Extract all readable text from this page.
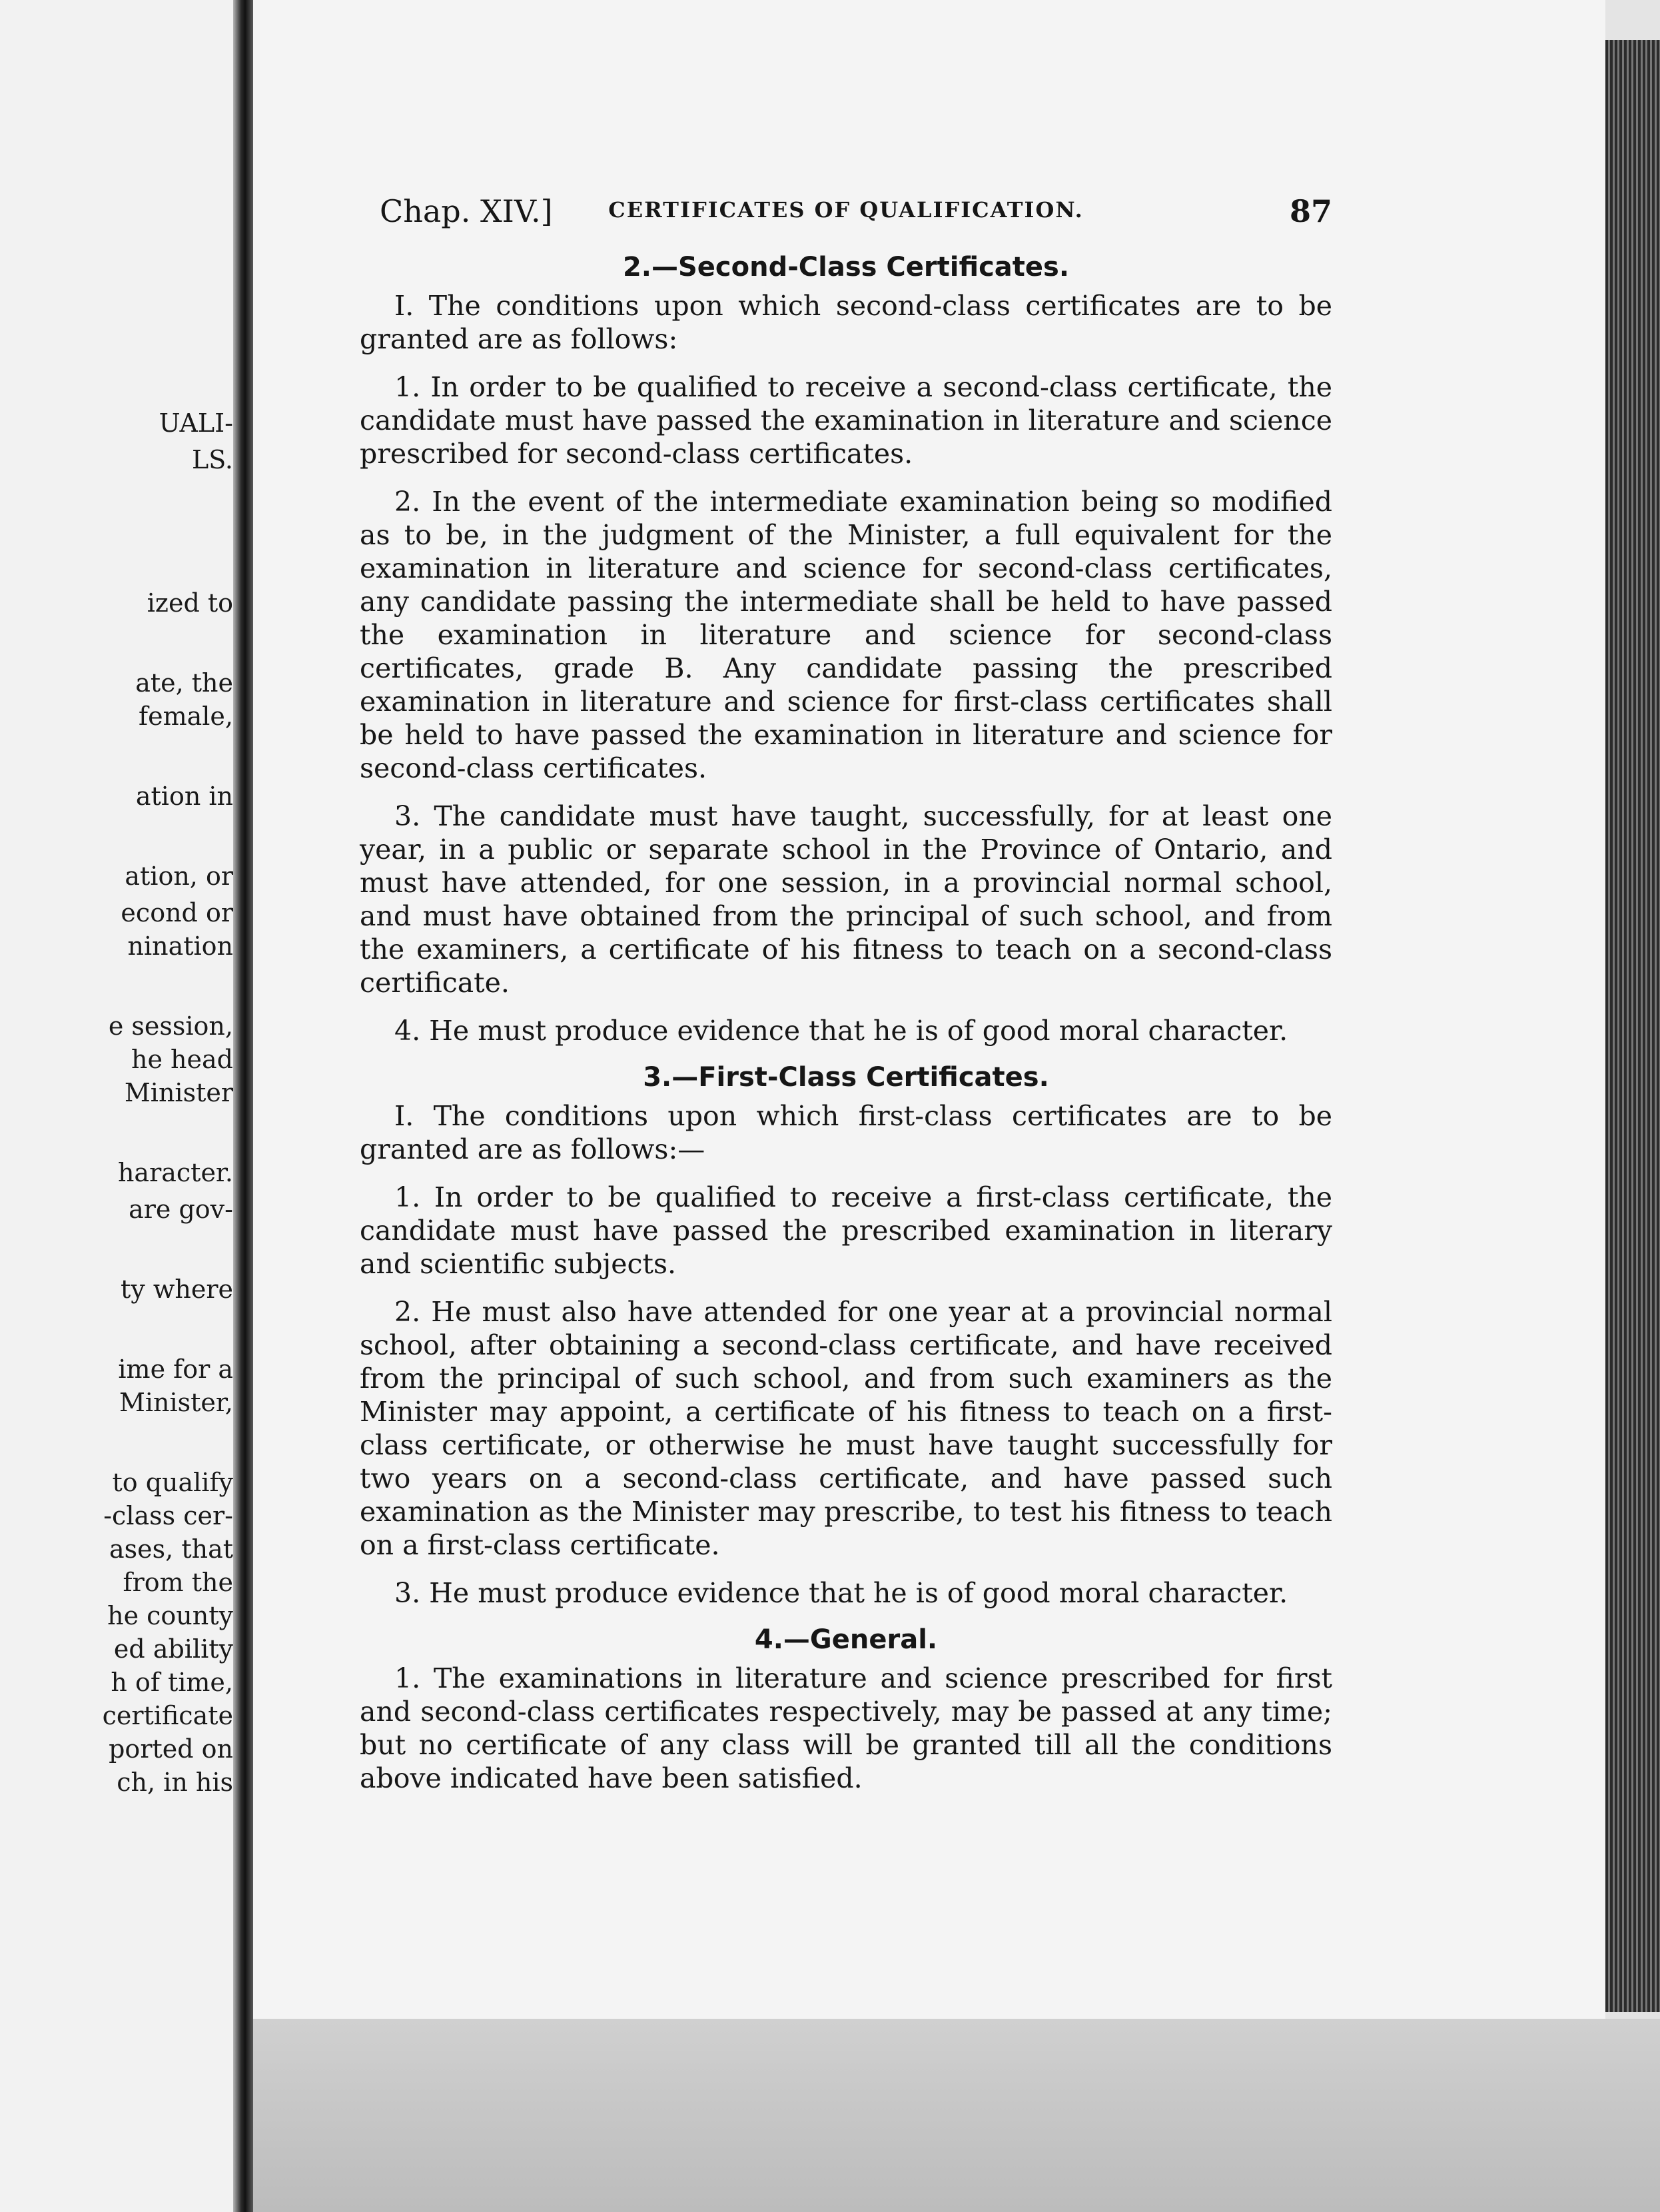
UALI-
LS.
ized to
ate, the
female,
ation in
ation, or
econd or
nination
e session,
he head
Minister
haracter.
are gov-
ty where
ime for a
Minister,
to qualify
-class cer-
ases, that
from the
he county
ed ability
h of time,
certificate
ported on
ch, in his
Chap. XIV.]	CERTIFICATES OF QUALIFICATION.	87
2.—Second-Class Certificates.

I. The conditions upon which second-class certificates are to be granted are as follows:

1. In order to be qualified to receive a second-class certificate, the candidate must have passed the examination in literature and science prescribed for second-class certificates.

2. In the event of the intermediate examination being so modified as to be, in the judgment of the Minister, a full equivalent for the examination in literature and science for second-class certificates, any candidate passing the intermediate shall be held to have passed the examination in literature and science for second-class certificates, grade B. Any candidate passing the prescribed examination in literature and science for first-class certificates shall be held to have passed the examination in literature and science for second-class certificates.

3. The candidate must have taught, successfully, for at least one year, in a public or separate school in the Province of Ontario, and must have attended, for one session, in a provincial normal school, and must have obtained from the principal of such school, and from the examiners, a certificate of his fitness to teach on a second-class certificate.

4. He must produce evidence that he is of good moral character.

3.—First-Class Certificates.

I. The conditions upon which first-class certificates are to be granted are as follows:—

1. In order to be qualified to receive a first-class certificate, the candidate must have passed the prescribed examination in literary and scientific subjects.

2. He must also have attended for one year at a provincial normal school, after obtaining a second-class certificate, and have received from the principal of such school, and from such examiners as the Minister may appoint, a certificate of his fitness to teach on a first-class certificate, or otherwise he must have taught successfully for two years on a second-class certificate, and have passed such examination as the Minister may prescribe, to test his fitness to teach on a first-class certificate.

3. He must produce evidence that he is of good moral character.

4.—General.

1. The examinations in literature and science prescribed for first and second-class certificates respectively, may be passed at any time; but no certificate of any class will be granted till all the conditions above indicated have been satisfied.
